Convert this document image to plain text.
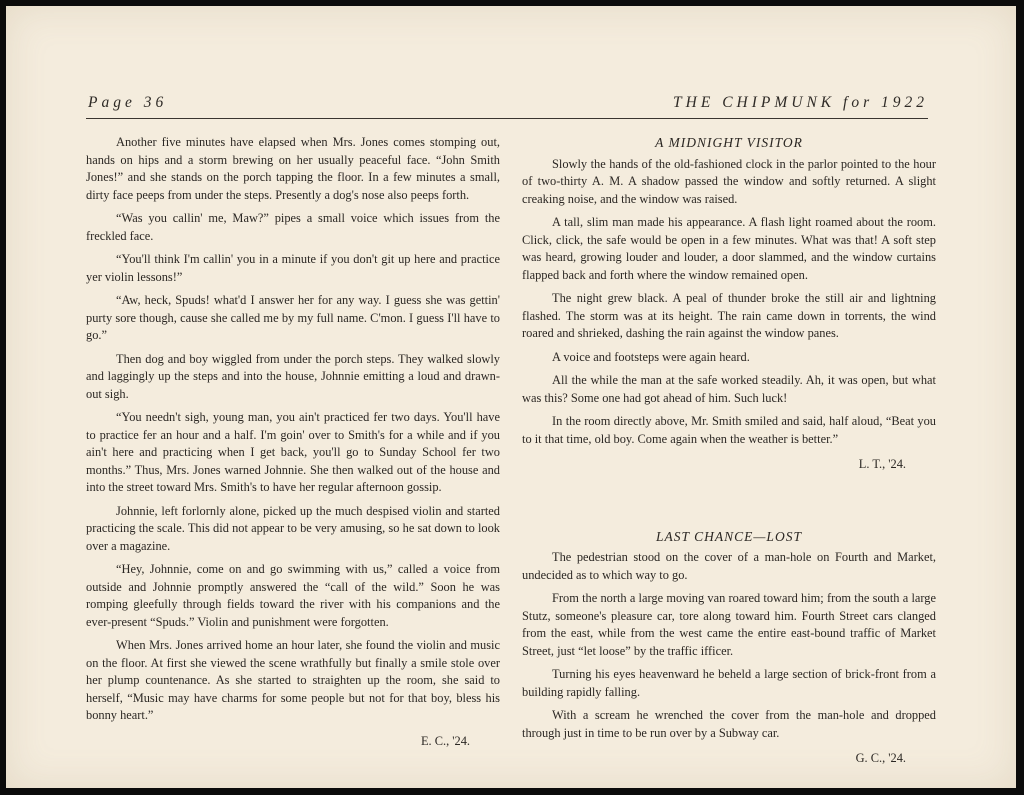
Page 36	THE CHIPMUNK for 1922

Another five minutes have elapsed when Mrs. Jones comes stomping out, hands on hips and a storm brewing on her usually peaceful face. “John Smith Jones!” and she stands on the porch tapping the floor. In a few minutes a small, dirty face peeps from under the steps. Presently a dog's nose also peeps forth.

“Was you callin' me, Maw?” pipes a small voice which issues from the freckled face.

“You'll think I'm callin' you in a minute if you don't git up here and practice yer violin lessons!”

“Aw, heck, Spuds! what'd I answer her for any way. I guess she was gettin' purty sore though, cause she called me by my full name. C'mon. I guess I'll have to go.”

Then dog and boy wiggled from under the porch steps. They walked slowly and laggingly up the steps and into the house, Johnnie emitting a loud and drawn-out sigh.

“You needn't sigh, young man, you ain't practiced fer two days. You'll have to practice fer an hour and a half. I'm goin' over to Smith's for a while and if you ain't here and practicing when I get back, you'll go to Sunday School fer two months.” Thus, Mrs. Jones warned Johnnie. She then walked out of the house and into the street toward Mrs. Smith's to have her regular afternoon gossip.

Johnnie, left forlornly alone, picked up the much despised violin and started practicing the scale. This did not appear to be very amusing, so he sat down to look over a magazine.

“Hey, Johnnie, come on and go swimming with us,” called a voice from outside and Johnnie promptly answered the “call of the wild.” Soon he was romping gleefully through fields toward the river with his companions and the ever-present “Spuds.” Violin and punishment were forgotten.

When Mrs. Jones arrived home an hour later, she found the violin and music on the floor. At first she viewed the scene wrathfully but finally a smile stole over her plump countenance. As she started to straighten up the room, she said to herself, “Music may have charms for some people but not for that boy, bless his bonny heart.”

E. C., '24.

A MIDNIGHT VISITOR

Slowly the hands of the old-fashioned clock in the parlor pointed to the hour of two-thirty A. M. A shadow passed the window and softly returned. A slight creaking noise, and the window was raised.

A tall, slim man made his appearance. A flash light roamed about the room. Click, click, the safe would be open in a few minutes. What was that! A soft step was heard, growing louder and louder, a door slammed, and the window curtains flapped back and forth where the window remained open.

The night grew black. A peal of thunder broke the still air and lightning flashed. The storm was at its height. The rain came down in torrents, the wind roared and shrieked, dashing the rain against the window panes.

A voice and footsteps were again heard.

All the while the man at the safe worked steadily. Ah, it was open, but what was this? Some one had got ahead of him. Such luck!

In the room directly above, Mr. Smith smiled and said, half aloud, “Beat you to it that time, old boy. Come again when the weather is better.”

L. T., '24.

LAST CHANCE—LOST

The pedestrian stood on the cover of a man-hole on Fourth and Market, undecided as to which way to go.

From the north a large moving van roared toward him; from the south a large Stutz, someone's pleasure car, tore along toward him. Fourth Street cars clanged from the east, while from the west came the entire east-bound traffic of Market Street, just “let loose” by the traffic ifficer.

Turning his eyes heavenward he beheld a large section of brick-front from a building rapidly falling.

With a scream he wrenched the cover from the man-hole and dropped through just in time to be run over by a Subway car.

G. C., '24.
